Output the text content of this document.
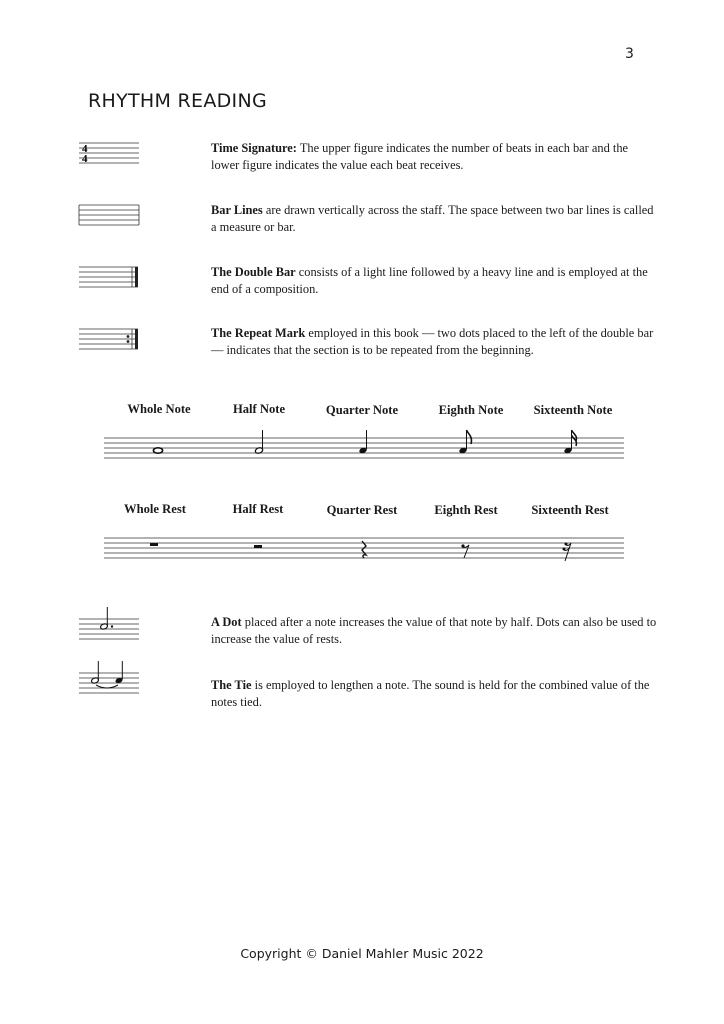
3
RHYTHM READING
4
4
Time Signature: The upper figure indicates the number of beats in each bar and the lower figure indicates the value each beat receives.
Bar Lines are drawn vertically across the staff. The space between two bar lines is called a measure or bar.
The Double Bar consists of a light line followed by a heavy line and is employed at the end of a composition.
The Repeat Mark employed in this book — two dots placed to the left of the double bar — indicates that the section is to be repeated from the beginning.
Whole Note	Half Note	Quarter Note	Eighth Note	Sixteenth Note
Whole Rest	Half Rest	Quarter Rest	Eighth Rest	Sixteenth Rest
A Dot placed after a note increases the value of that note by half. Dots can also be used to increase the value of rests.
The Tie is employed to lengthen a note. The sound is held for the combined value of the notes tied.
Copyright © Daniel Mahler Music 2022
